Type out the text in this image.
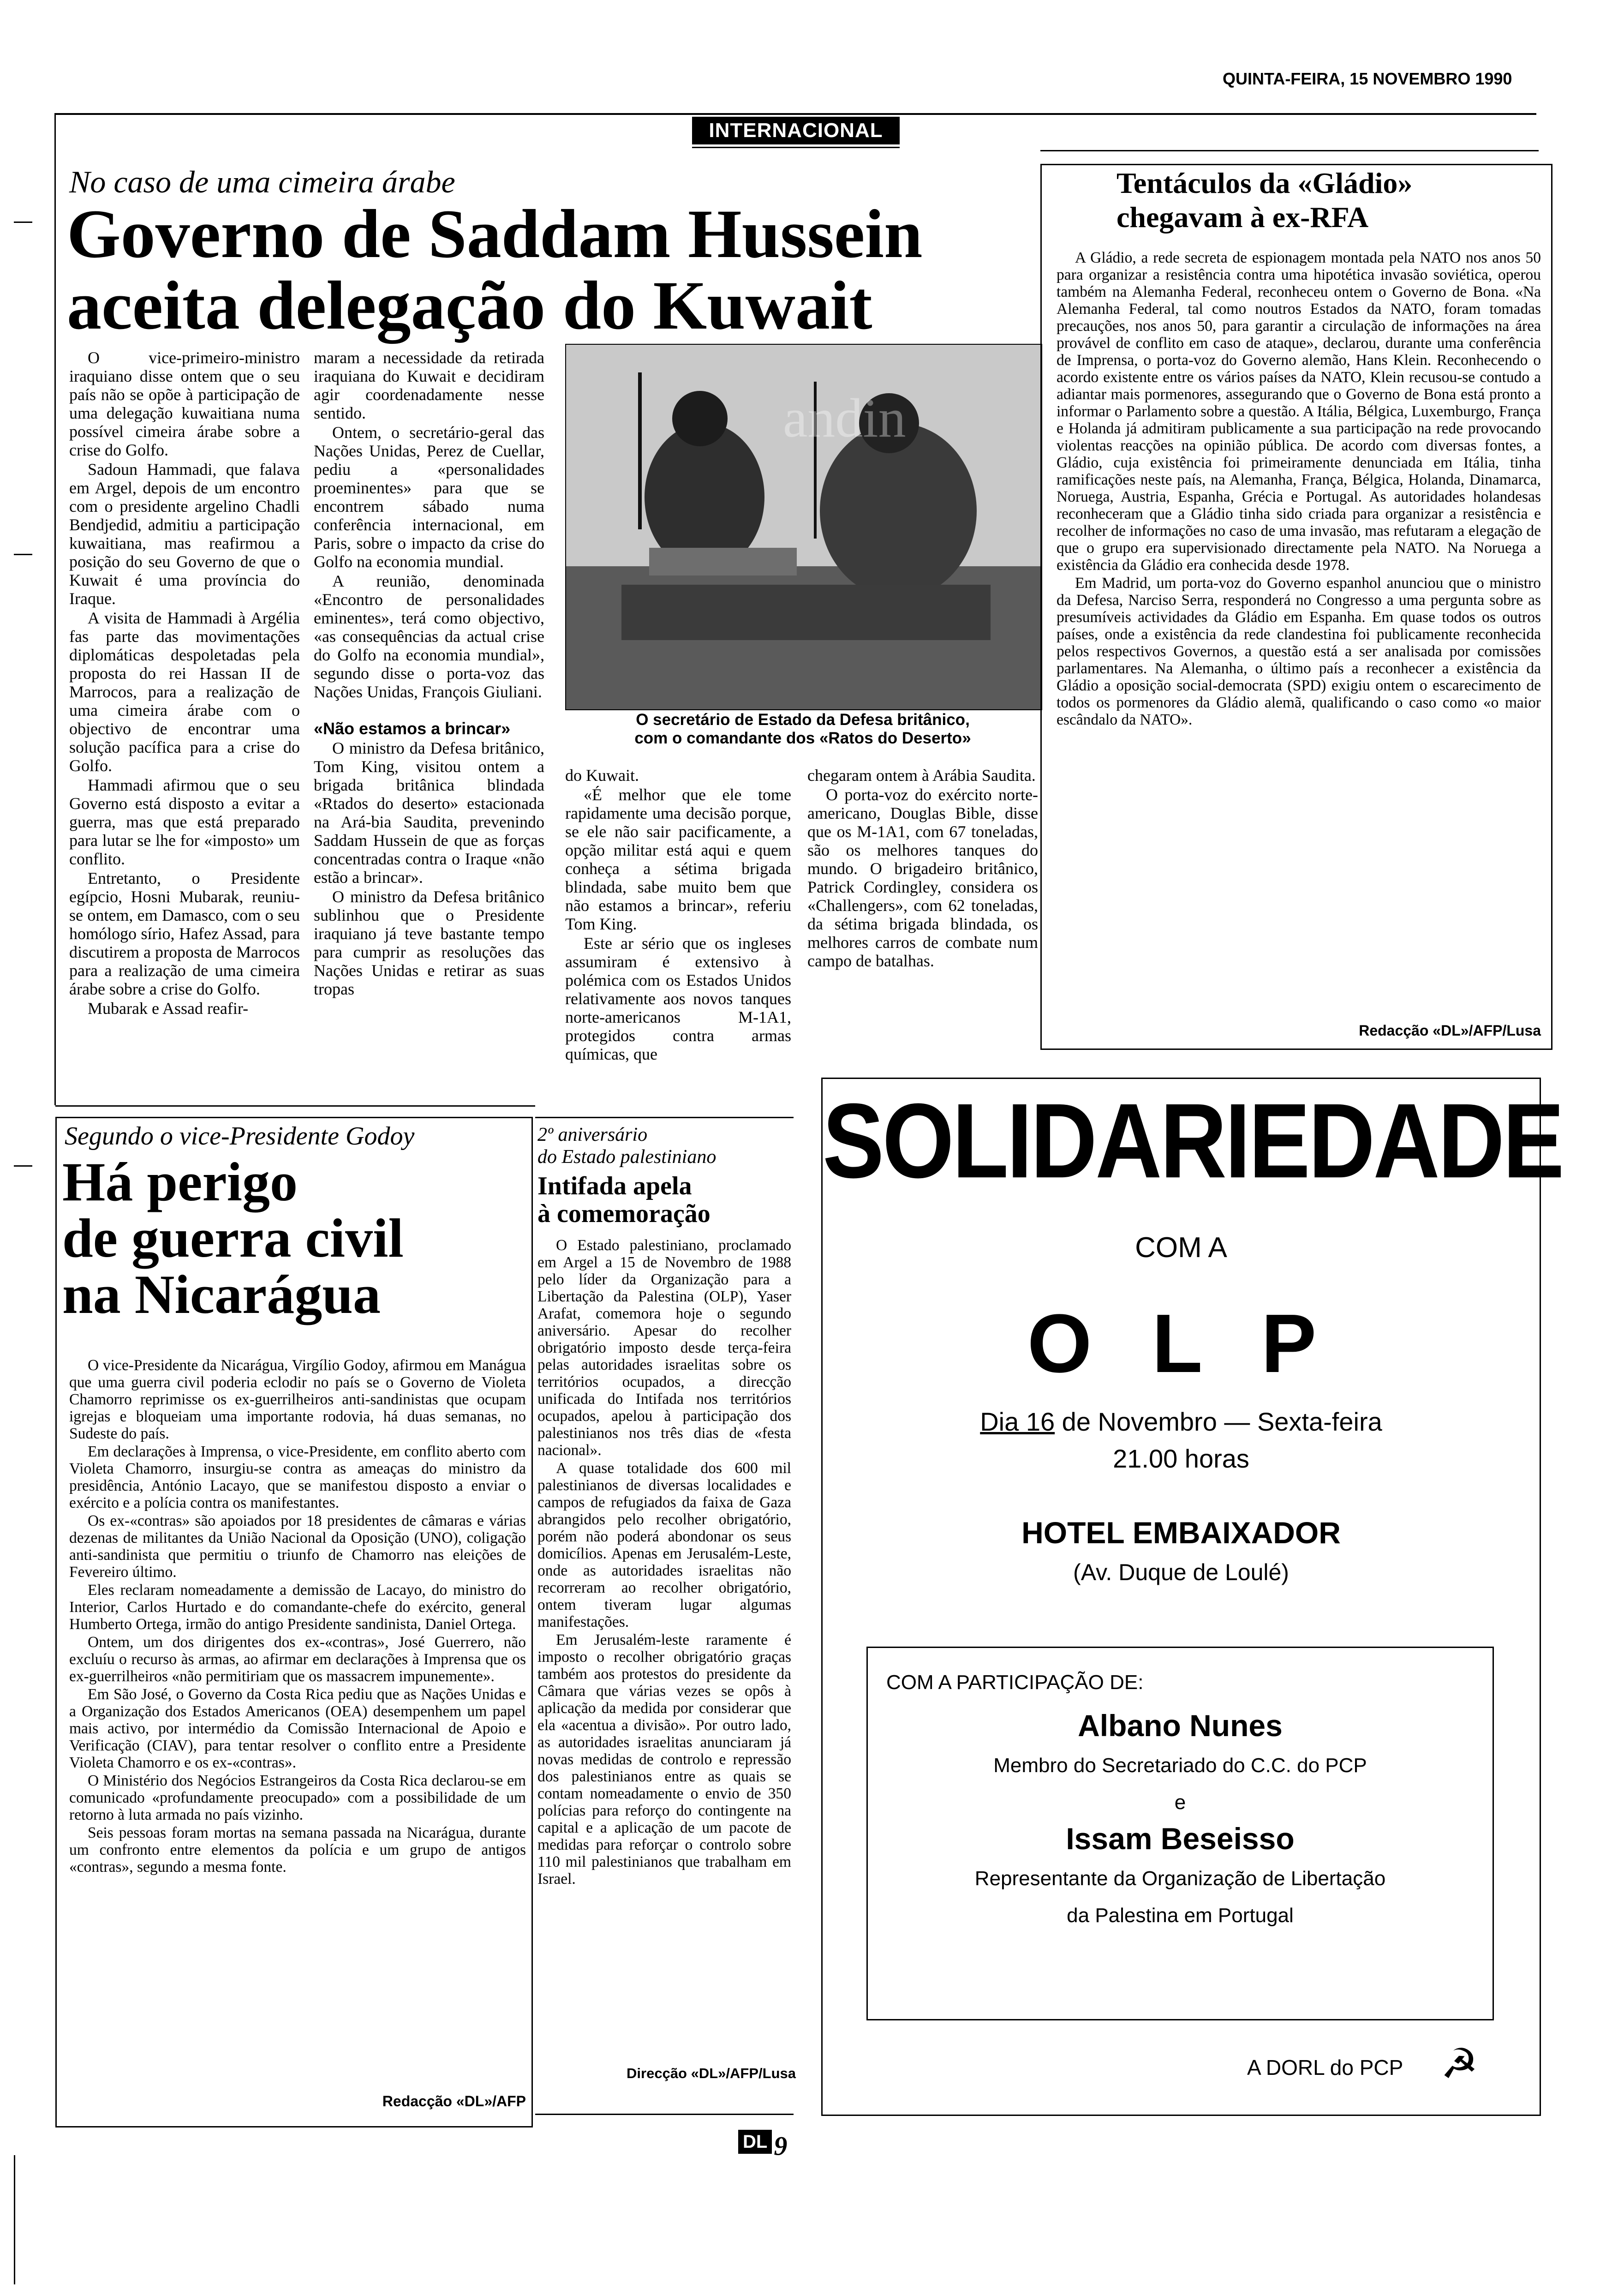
QUINTA-FEIRA, 15 NOVEMBRO 1990
INTERNACIONAL

No caso de uma cimeira árabe

Governo de Saddam Hussein

aceita delegação do Kuwait

O vice-primeiro-ministro iraquiano disse ontem que o seu país não se opõe à participação de uma delegação kuwaitiana numa possível cimeira árabe sobre a crise do Golfo.

Sadoun Hammadi, que falava em Argel, depois de um encontro com o presidente argelino Chadli Bendjedid, admitiu a participação kuwaitiana, mas reafirmou a posição do seu Governo de que o Kuwait é uma província do Iraque.

A visita de Hammadi à Argélia fas parte das movimentações diplomáticas despoletadas pela proposta do rei Hassan II de Marrocos, para a realização de uma cimeira árabe com o objectivo de encontrar uma solução pacífica para a crise do Golfo.

Hammadi afirmou que o seu Governo está disposto a evitar a guerra, mas que está preparado para lutar se lhe for «imposto» um conflito.

Entretanto, o Presidente egípcio, Hosni Mubarak, reuniu-se ontem, em Damasco, com o seu homólogo sírio, Hafez Assad, para discutirem a proposta de Marrocos para a realização de uma cimeira árabe sobre a crise do Golfo.

Mubarak e Assad reafir-

maram a necessidade da retirada iraquiana do Kuwait e decidiram agir coordenadamente nesse sentido.

Ontem, o secretário-geral das Nações Unidas, Perez de Cuellar, pediu a «personalidades proeminentes» para que se encontrem sábado numa conferência internacional, em Paris, sobre o impacto da crise do Golfo na economia mundial.

A reunião, denominada «Encontro de personalidades eminentes», terá como objectivo, «as consequências da actual crise do Golfo na economia mundial», segundo disse o porta-voz das Nações Unidas, François Giuliani.

«Não estamos a brincar»

O ministro da Defesa britânico, Tom King, visitou ontem a brigada britânica blindada «Rtados do deserto» estacionada na Ará-bia Saudita, prevenindo Saddam Hussein de que as forças concentradas contra o Iraque «não estão a brincar».

O ministro da Defesa britânico sublinhou que o Presidente iraquiano já teve bastante tempo para cumprir as resoluções das Nações Unidas e retirar as suas tropas

andin
O secretário de Estado da Defesa britânico,
com o comandante dos «Ratos do Deserto»

do Kuwait.

«É melhor que ele tome rapidamente uma decisão porque, se ele não sair pacificamente, a opção militar está aqui e quem conheça a sétima brigada blindada, sabe muito bem que não estamos a brincar», referiu Tom King.

Este ar sério que os ingleses assumiram é extensivo à polémica com os Estados Unidos relativamente aos novos tanques norte-americanos M-1A1, protegidos contra armas químicas, que

chegaram ontem à Arábia Saudita.

O porta-voz do exército norte-americano, Douglas Bible, disse que os M-1A1, com 67 toneladas, são os melhores tanques do mundo. O brigadeiro britânico, Patrick Cordingley, considera os «Challengers», com 62 toneladas, da sétima brigada blindada, os melhores carros de combate num campo de batalhas.

Tentáculos da «Gládio»

chegavam à ex-RFA

A Gládio, a rede secreta de espionagem montada pela NATO nos anos 50 para organizar a resistência contra uma hipotética invasão soviética, operou também na Alemanha Federal, reconheceu ontem o Governo de Bona. «Na Alemanha Federal, tal como noutros Estados da NATO, foram tomadas precauções, nos anos 50, para garantir a circulação de informações na área provável de conflito em caso de ataque», declarou, durante uma conferência de Imprensa, o porta-voz do Governo alemão, Hans Klein. Reconhecendo o acordo existente entre os vários países da NATO, Klein recusou-se contudo a adiantar mais pormenores, assegurando que o Governo de Bona está pronto a informar o Parlamento sobre a questão. A Itália, Bélgica, Luxemburgo, França e Holanda já admitiram publicamente a sua participação na rede provocando violentas reacções na opinião pública. De acordo com diversas fontes, a Gládio, cuja existência foi primeiramente denunciada em Itália, tinha ramificações neste país, na Alemanha, França, Bélgica, Holanda, Dinamarca, Noruega, Austria, Espanha, Grécia e Portugal. As autoridades holandesas reconheceram que a Gládio tinha sido criada para organizar a resistência e recolher de informações no caso de uma invasão, mas refutaram a elegação de que o grupo era supervisionado directamente pela NATO. Na Noruega a existência da Gládio era conhecida desde 1978.

Em Madrid, um porta-voz do Governo espanhol anunciou que o ministro da Defesa, Narciso Serra, responderá no Congresso a uma pergunta sobre as presumíveis actividades da Gládio em Espanha. Em quase todos os outros países, onde a existência da rede clandestina foi publicamente reconhecida pelos respectivos Governos, a questão está a ser analisada por comissões parlamentares. Na Alemanha, o último país a reconhecer a existência da Gládio a oposição social-democrata (SPD) exigiu ontem o escarecimento de todos os pormenores da Gládio alemã, qualificando o caso como «o maior escândalo da NATO».

Redacção «DL»/AFP/Lusa

Segundo o vice-Presidente Godoy

Há perigo

de guerra civil

na Nicarágua

O vice-Presidente da Nicarágua, Virgílio Godoy, afirmou em Manágua que uma guerra civil poderia eclodir no país se o Governo de Violeta Chamorro reprimisse os ex-guerrilheiros anti-sandinistas que ocupam igrejas e bloqueiam uma importante rodovia, há duas semanas, no Sudeste do país.

Em declarações à Imprensa, o vice-Presidente, em conflito aberto com Violeta Chamorro, insurgiu-se contra as ameaças do ministro da presidência, António Lacayo, que se manifestou disposto a enviar o exército e a polícia contra os manifestantes.

Os ex-«contras» são apoiados por 18 presidentes de câmaras e várias dezenas de militantes da União Nacional da Oposição (UNO), coligação anti-sandinista que permitiu o triunfo de Chamorro nas eleições de Fevereiro último.

Eles reclaram nomeadamente a demissão de Lacayo, do ministro do Interior, Carlos Hurtado e do comandante-chefe do exército, general Humberto Ortega, irmão do antigo Presidente sandinista, Daniel Ortega.

Ontem, um dos dirigentes dos ex-«contras», José Guerrero, não excluíu o recurso às armas, ao afirmar em declarações à Imprensa que os ex-guerrilheiros «não permitiriam que os massacrem impunemente».

Em São José, o Governo da Costa Rica pediu que as Nações Unidas e a Organização dos Estados Americanos (OEA) desempenhem um papel mais activo, por intermédio da Comissão Internacional de Apoio e Verificação (CIAV), para tentar resolver o conflito entre a Presidente Violeta Chamorro e os ex-«contras».

O Ministério dos Negócios Estrangeiros da Costa Rica declarou-se em comunicado «profundamente preocupado» com a possibilidade de um retorno à luta armada no país vizinho.

Seis pessoas foram mortas na semana passada na Nicarágua, durante um confronto entre elementos da polícia e um grupo de antigos «contras», segundo a mesma fonte.

Redacção «DL»/AFP

2º aniversário
do Estado palestiniano

Intifada apela

à comemoração

O Estado palestiniano, proclamado em Argel a 15 de Novembro de 1988 pelo líder da Organização para a Libertação da Palestina (OLP), Yaser Arafat, comemora hoje o segundo aniversário. Apesar do recolher obrigatório imposto desde terça-feira pelas autoridades israelitas sobre os territórios ocupados, a direcção unificada do Intifada nos territórios ocupados, apelou à participação dos palestinianos nos três dias de «festa nacional».

A quase totalidade dos 600 mil palestinianos de diversas localidades e campos de refugiados da faixa de Gaza abrangidos pelo recolher obrigatório, porém não poderá abondonar os seus domicílios. Apenas em Jerusalém-Leste, onde as autoridades israelitas não recorreram ao recolher obrigatório, ontem tiveram lugar algumas manifestações.

Em Jerusalém-leste raramente é imposto o recolher obrigatório graças também aos protestos do presidente da Câmara que várias vezes se opôs à aplicação da medida por considerar que ela «acentua a divisão». Por outro lado, as autoridades israelitas anunciaram já novas medidas de controlo e repressão dos palestinianos entre as quais se contam nomeadamente o envio de 350 polícias para reforço do contingente na capital e a aplicação de um pacote de medidas para reforçar o controlo sobre 110 mil palestinianos que trabalham em Israel.

Direcção «DL»/AFP/Lusa

SOLIDARIEDADE
COM A
O L P
Dia 16 de Novembro — Sexta-feira
21.00 horas
HOTEL EMBAIXADOR
(Av. Duque de Loulé)
COM A PARTICIPAÇÃO DE:
Albano Nunes
Membro do Secretariado do C.C. do PCP
e
Issam Beseisso
Representante da Organização de Libertação
da Palestina em Portugal
A DORL do PCP ☭
DL 9
